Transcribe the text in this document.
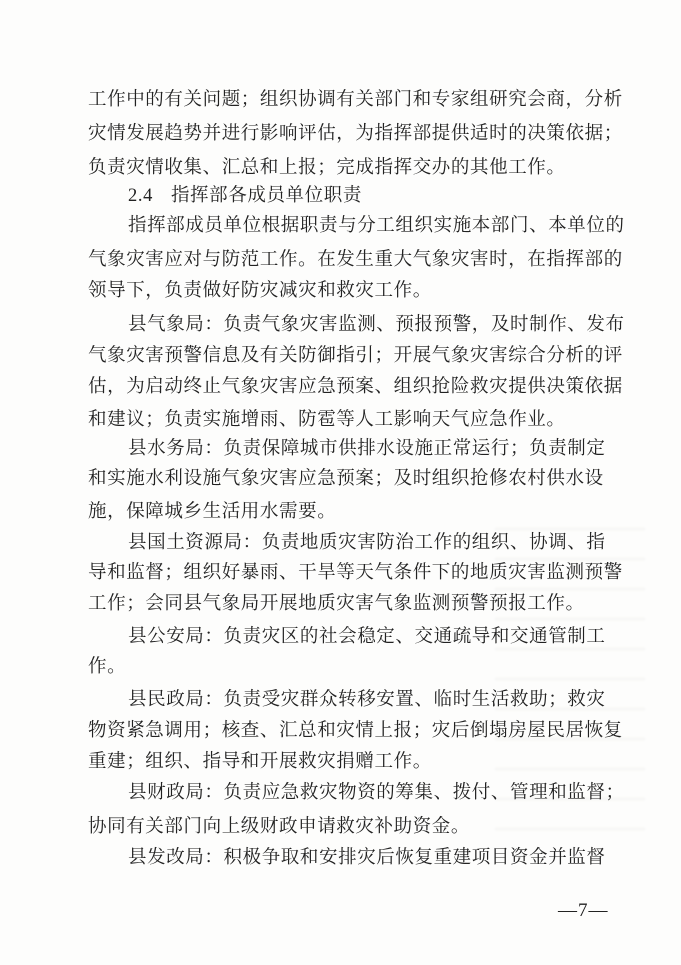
工作中的有关问题；组织协调有关部门和专家组研究会商，分析
灾情发展趋势并进行影响评估，为指挥部提供适时的决策依据；
负责灾情收集、汇总和上报；完成指挥交办的其他工作。
2.4 指挥部各成员单位职责
指挥部成员单位根据职责与分工组织实施本部门、本单位的
气象灾害应对与防范工作。在发生重大气象灾害时，在指挥部的
领导下，负责做好防灾减灾和救灾工作。
县气象局：负责气象灾害监测、预报预警，及时制作、发布
气象灾害预警信息及有关防御指引；开展气象灾害综合分析的评
估，为启动终止气象灾害应急预案、组织抢险救灾提供决策依据
和建议；负责实施增雨、防雹等人工影响天气应急作业。
县水务局：负责保障城市供排水设施正常运行；负责制定
和实施水利设施气象灾害应急预案；及时组织抢修农村供水设
施，保障城乡生活用水需要。
县国土资源局：负责地质灾害防治工作的组织、协调、指
导和监督；组织好暴雨、干旱等天气条件下的地质灾害监测预警
工作；会同县气象局开展地质灾害气象监测预警预报工作。
县公安局：负责灾区的社会稳定、交通疏导和交通管制工
作。
县民政局：负责受灾群众转移安置、临时生活救助；救灾
物资紧急调用；核查、汇总和灾情上报；灾后倒塌房屋民居恢复
重建；组织、指导和开展救灾捐赠工作。
县财政局：负责应急救灾物资的筹集、拨付、管理和监督；
协同有关部门向上级财政申请救灾补助资金。
县发改局：积极争取和安排灾后恢复重建项目资金并监督
—7—
